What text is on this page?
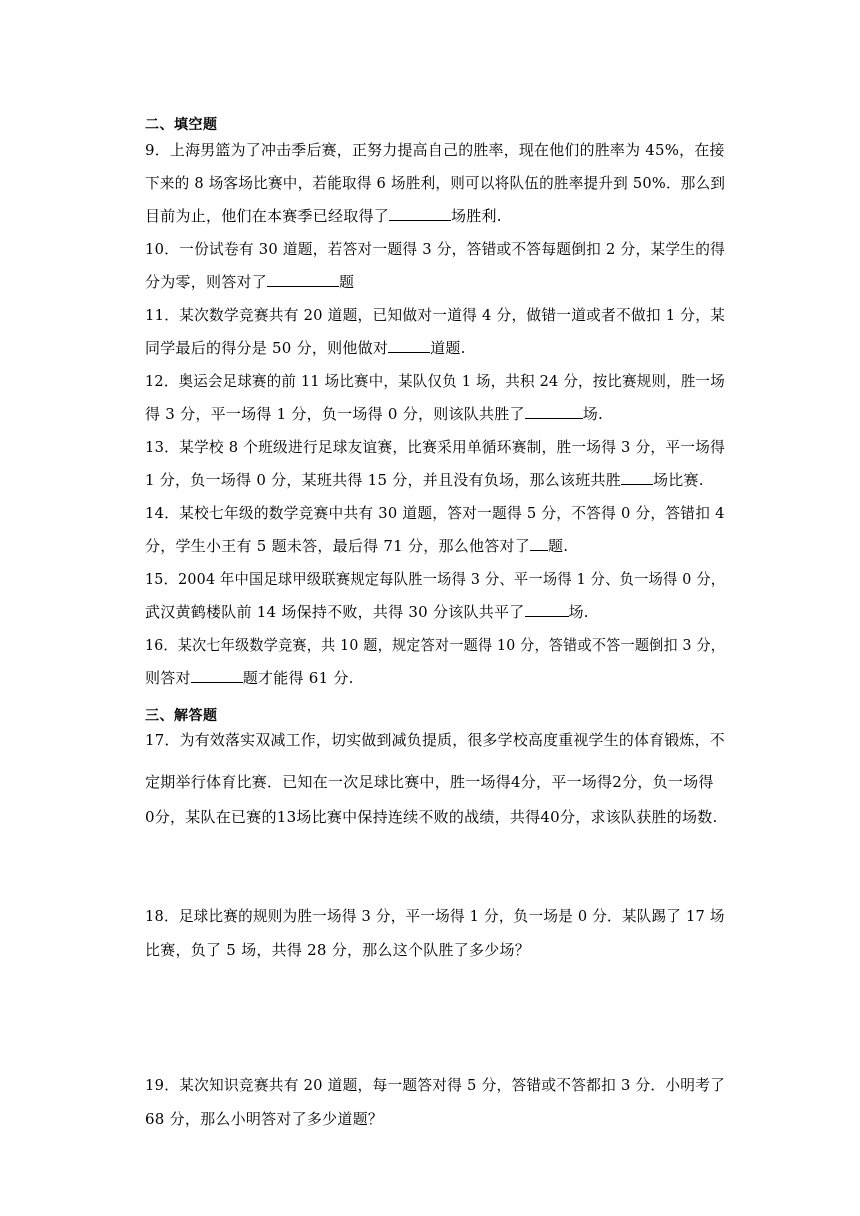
二、填空题
9．上海男篮为了冲击季后赛，正努力提高自己的胜率，现在他们的胜率为 45%，在接
下来的 8 场客场比赛中，若能取得 6 场胜利，则可以将队伍的胜率提升到 50%．那么到
目前为止，他们在本赛季已经取得了	场胜利.
10．一份试卷有 30 道题，若答对一题得 3 分，答错或不答每题倒扣 2 分，某学生的得
分为零，则答对了	题
11．某次数学竞赛共有 20 道题，已知做对一道得 4 分，做错一道或者不做扣 1 分，某
同学最后的得分是 50 分，则他做对	道题.
12．奥运会足球赛的前 11 场比赛中，某队仅负 1 场，共积 24 分，按比赛规则，胜一场
得 3 分，平一场得 1 分，负一场得 0 分，则该队共胜了	场.
13．某学校 8 个班级进行足球友谊赛，比赛采用单循环赛制，胜一场得 3 分，平一场得
1 分，负一场得 0 分，某班共得 15 分，并且没有负场，那么该班共胜 场比赛.
14．某校七年级的数学竞赛中共有 30 道题，答对一题得 5 分，不答得 0 分，答错扣 4
分，学生小王有 5 题未答，最后得 71 分，那么他答对了 题.
15．2004 年中国足球甲级联赛规定每队胜一场得 3 分、平一场得 1 分、负一场得 0 分，
武汉黄鹤楼队前 14 场保持不败，共得 30 分该队共平了	场.
16．某次七年级数学竞赛，共 10 题，规定答对一题得 10 分，答错或不答一题倒扣 3 分，
则答对	题才能得 61 分.
三、解答题
17．为有效落实双减工作，切实做到减负提质，很多学校高度重视学生的体育锻炼，不
定期举行体育比赛．已知在一次足球比赛中，胜一场得4分，平一场得2分，负一场得
0分，某队在已赛的13场比赛中保持连续不败的战绩，共得40分，求该队获胜的场数.
18．足球比赛的规则为胜一场得 3 分，平一场得 1 分，负一场是 0 分．某队踢了 17 场
比赛，负了 5 场，共得 28 分，那么这个队胜了多少场？
19．某次知识竞赛共有 20 道题，每一题答对得 5 分，答错或不答都扣 3 分．小明考了
68 分，那么小明答对了多少道题？
